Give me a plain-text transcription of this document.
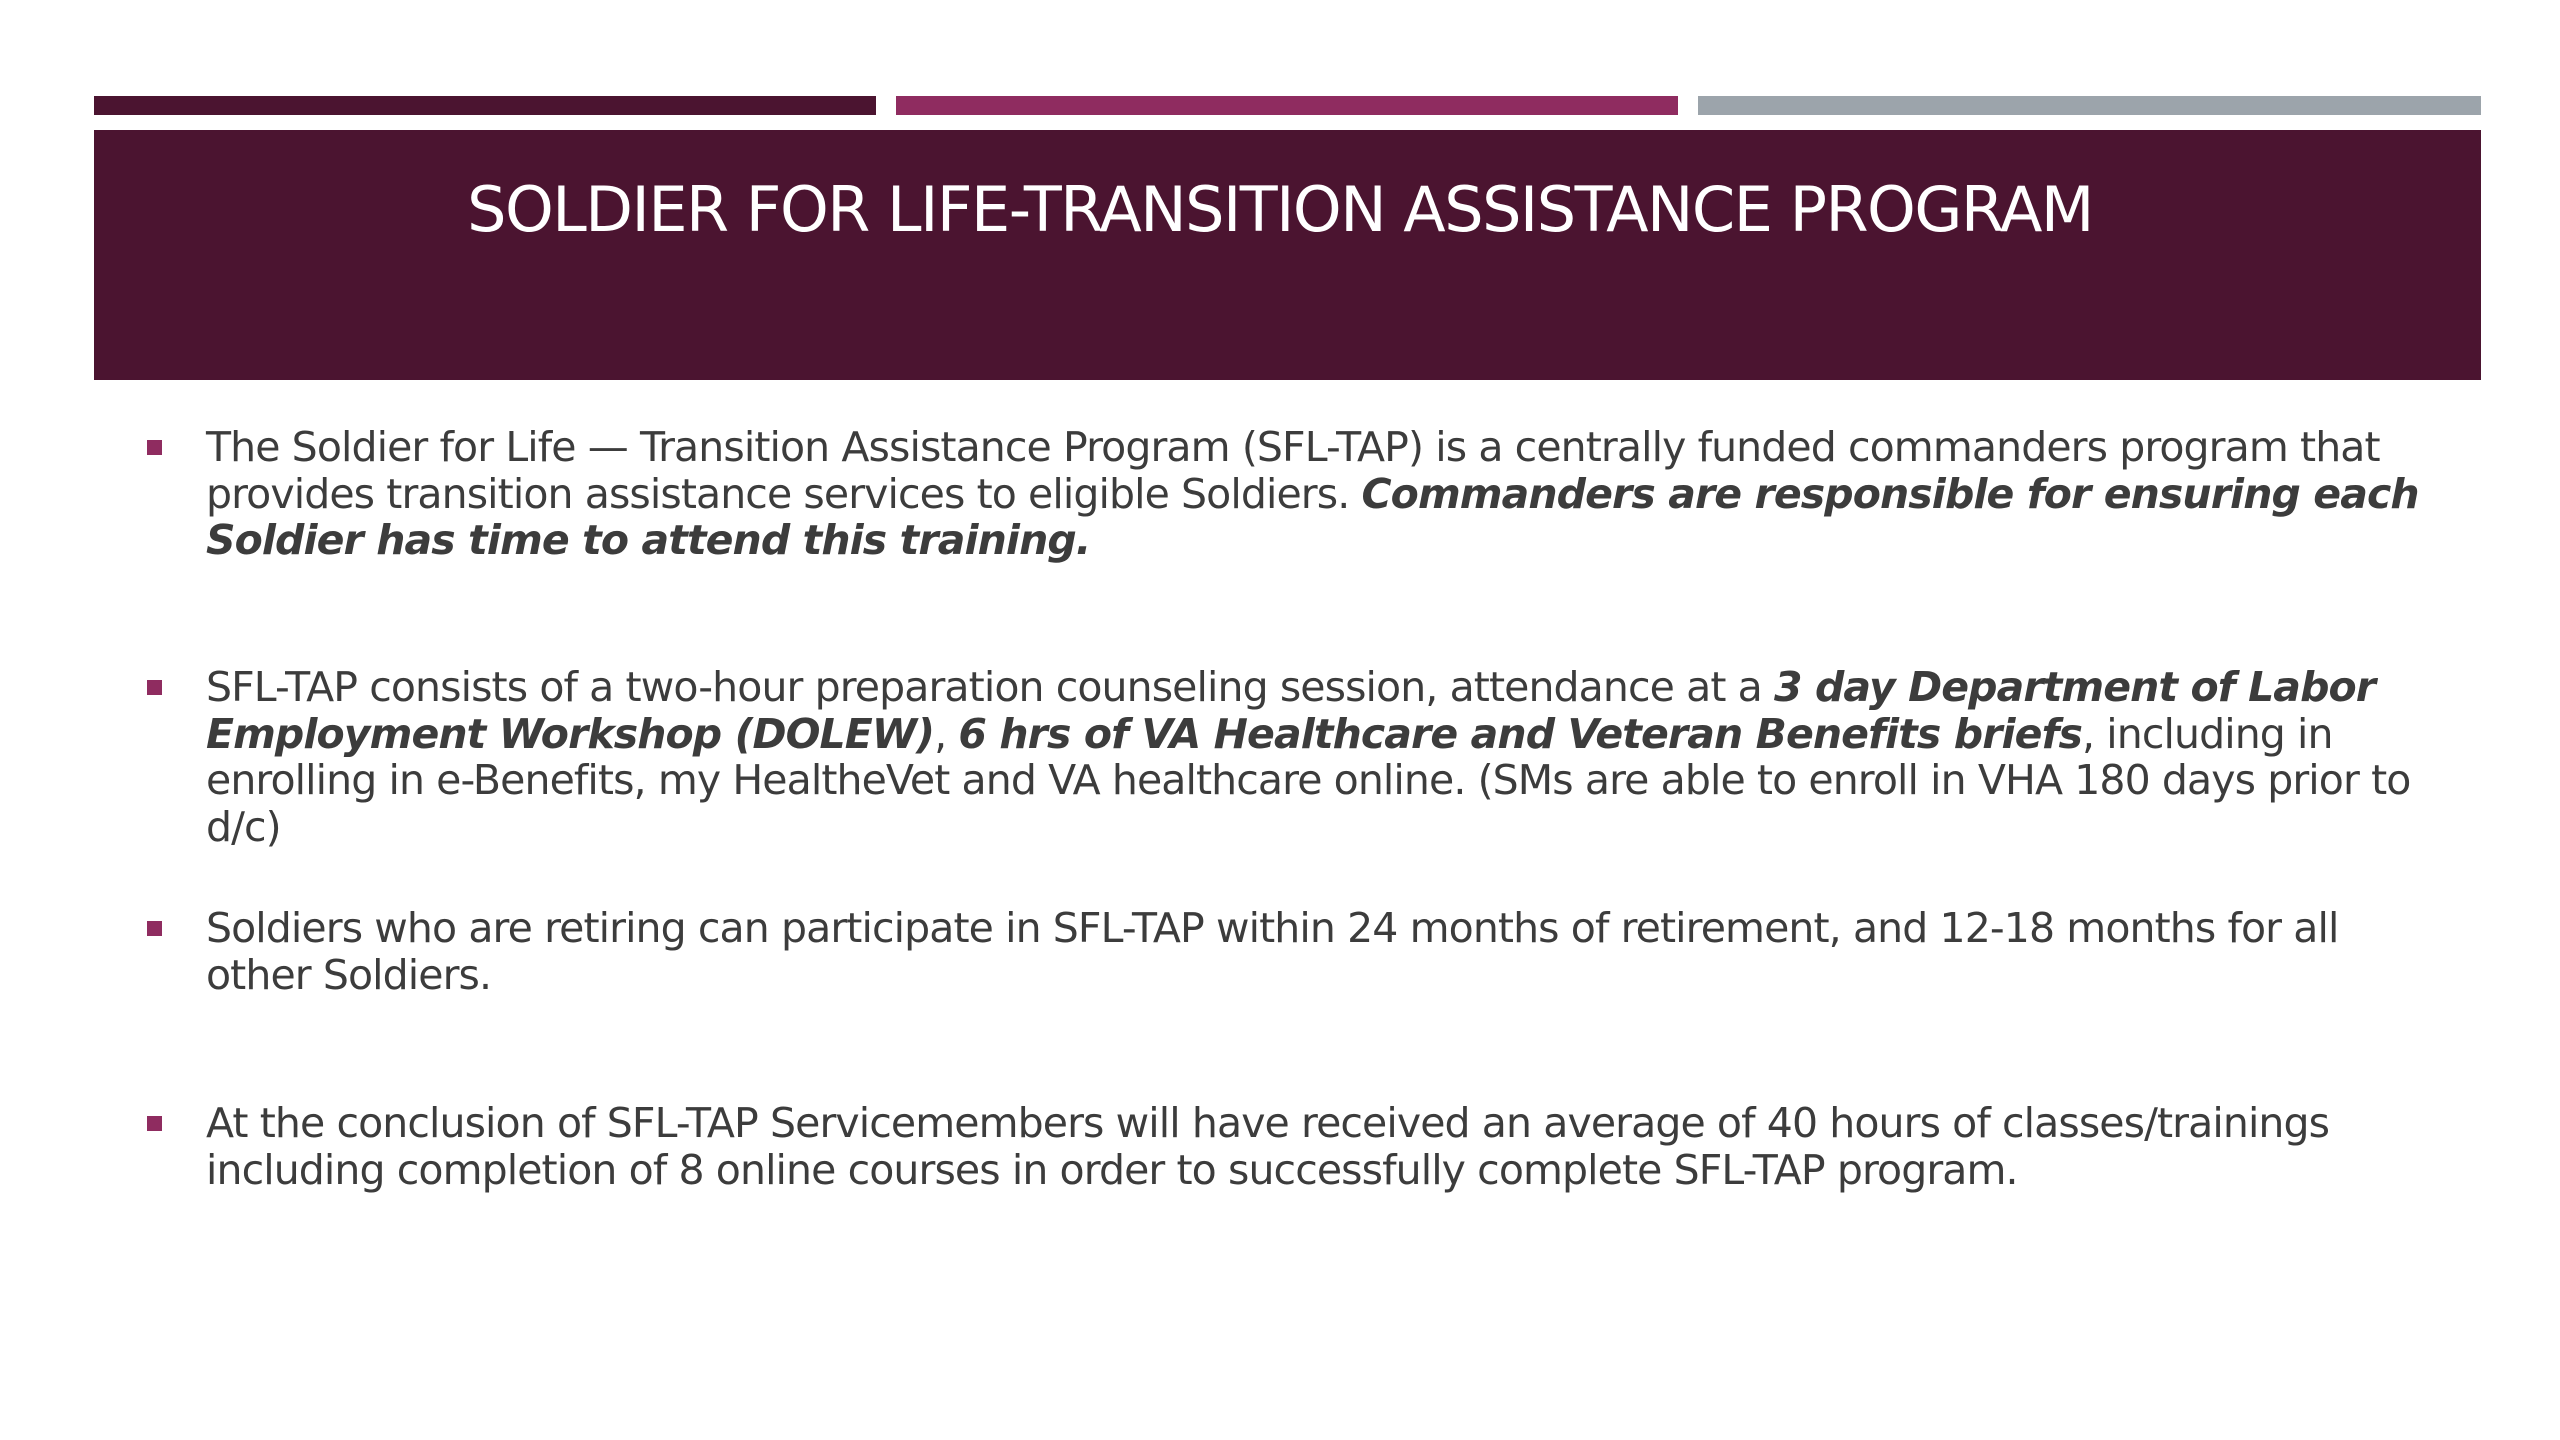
SOLDIER FOR LIFE-TRANSITION ASSISTANCE PROGRAM
The Soldier for Life — Transition Assistance Program (SFL-TAP) is a centrally funded commanders program that provides transition assistance services to eligible Soldiers. Commanders are responsible for ensuring each Soldier has time to attend this training.
SFL-TAP consists of a two-hour preparation counseling session, attendance at a 3 day Department of Labor Employment Workshop (DOLEW), 6 hrs of VA Healthcare and Veteran Benefits briefs, including in enrolling in e-Benefits, my HealtheVet and VA healthcare online. (SMs are able to enroll in VHA 180 days prior to d/c)
Soldiers who are retiring can participate in SFL-TAP within 24 months of retirement, and 12-18 months for all other Soldiers.
At the conclusion of SFL-TAP Servicemembers will have received an average of 40 hours of classes/trainings including completion of 8 online courses in order to successfully complete SFL-TAP program.
